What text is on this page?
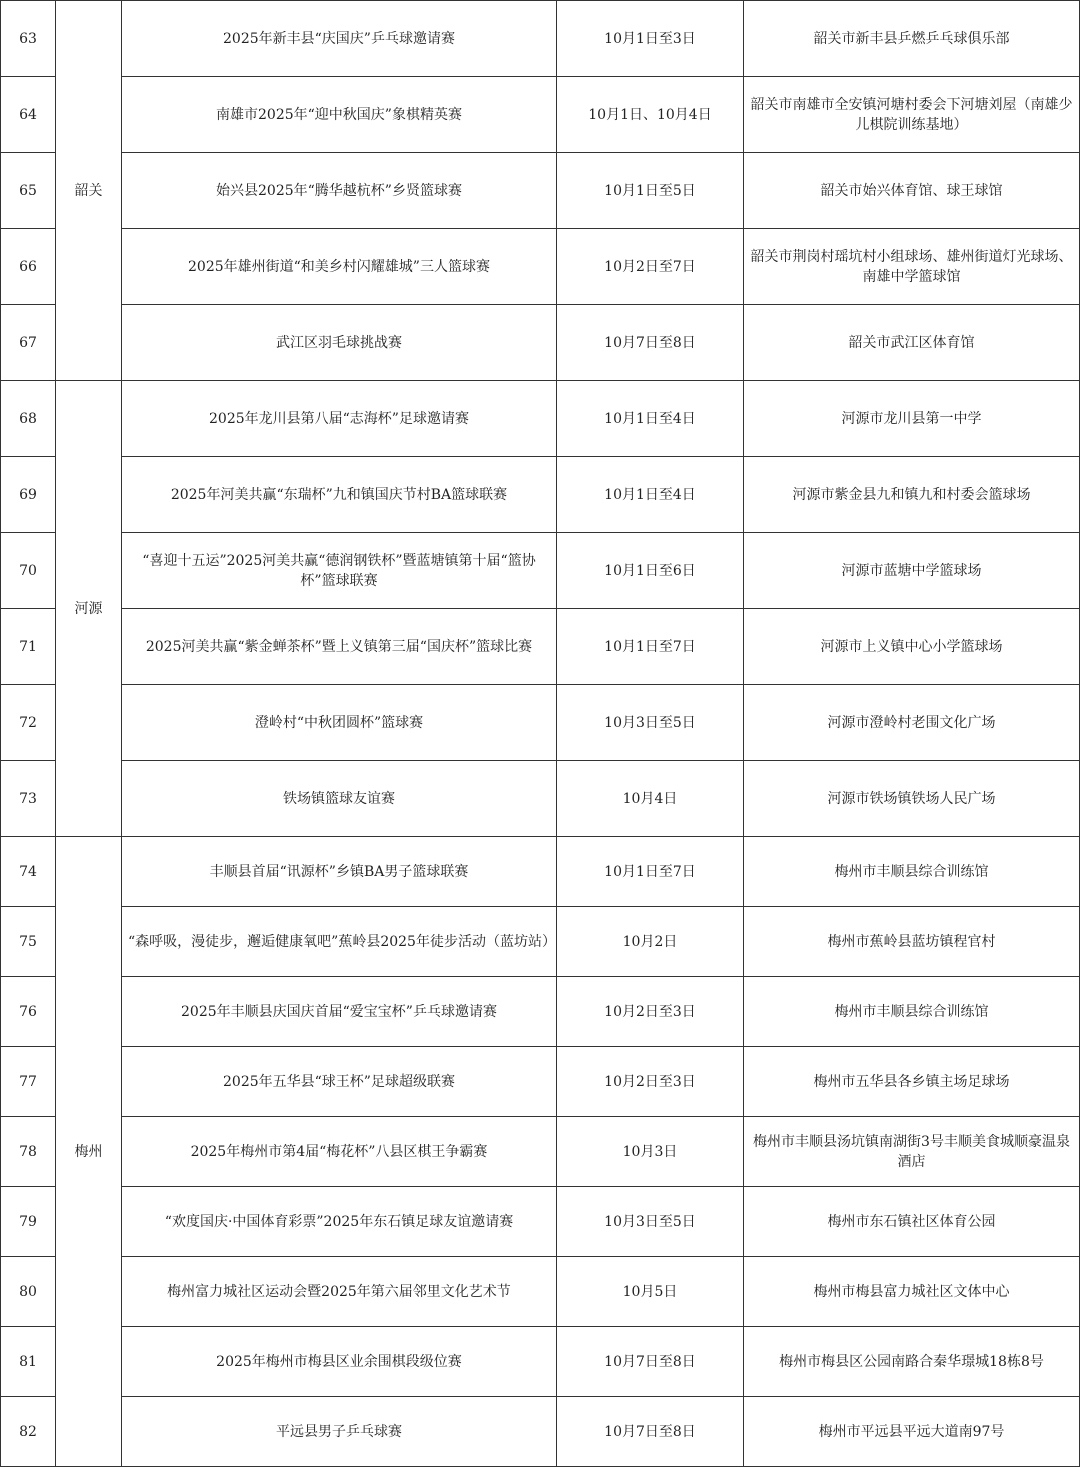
63	韶关	2025年新丰县“庆国庆”乒乓球邀请赛	10月1日至3日	韶关市新丰县乒燃乒乓球俱乐部
64		南雄市2025年“迎中秋国庆”象棋精英赛	10月1日、10月4日	韶关市南雄市全安镇河塘村委会下河塘刘屋（南雄少儿棋院训练基地）
65		始兴县2025年“腾华越杭杯”乡贤篮球赛	10月1日至5日	韶关市始兴体育馆、球王球馆
66		2025年雄州街道“和美乡村闪耀雄城”三人篮球赛	10月2日至7日	韶关市荆岗村瑶坑村小组球场、雄州街道灯光球场、南雄中学篮球馆
67		武江区羽毛球挑战赛	10月7日至8日	韶关市武江区体育馆
68	河源	2025年龙川县第八届“志海杯”足球邀请赛	10月1日至4日	河源市龙川县第一中学
69		2025年河美共赢“东瑞杯”九和镇国庆节村BA篮球联赛	10月1日至4日	河源市紫金县九和镇九和村委会篮球场
70		“喜迎十五运”2025河美共赢“德润钢铁杯”暨蓝塘镇第十届“篮协杯”篮球联赛	10月1日至6日	河源市蓝塘中学篮球场
71		2025河美共赢“紫金蝉茶杯”暨上义镇第三届“国庆杯”篮球比赛	10月1日至7日	河源市上义镇中心小学篮球场
72		澄岭村“中秋团圆杯”篮球赛	10月3日至5日	河源市澄岭村老围文化广场
73		铁场镇篮球友谊赛	10月4日	河源市铁场镇铁场人民广场
74	梅州	丰顺县首届“讯源杯”乡镇BA男子篮球联赛	10月1日至7日	梅州市丰顺县综合训练馆
75		“森呼吸，漫徒步，邂逅健康氧吧”蕉岭县2025年徒步活动（蓝坊站）	10月2日	梅州市蕉岭县蓝坊镇程官村
76		2025年丰顺县庆国庆首届“爱宝宝杯”乒乓球邀请赛	10月2日至3日	梅州市丰顺县综合训练馆
77		2025年五华县“球王杯”足球超级联赛	10月2日至3日	梅州市五华县各乡镇主场足球场
78		2025年梅州市第4届“梅花杯”八县区棋王争霸赛	10月3日	梅州市丰顺县汤坑镇南湖街3号丰顺美食城顺豪温泉酒店
79		“欢度国庆·中国体育彩票”2025年东石镇足球友谊邀请赛	10月3日至5日	梅州市东石镇社区体育公园
80		梅州富力城社区运动会暨2025年第六届邻里文化艺术节	10月5日	梅州市梅县富力城社区文体中心
81		2025年梅州市梅县区业余围棋段级位赛	10月7日至8日	梅州市梅县区公园南路合秦华璟城18栋8号
82		平远县男子乒乓球赛	10月7日至8日	梅州市平远县平远大道南97号
